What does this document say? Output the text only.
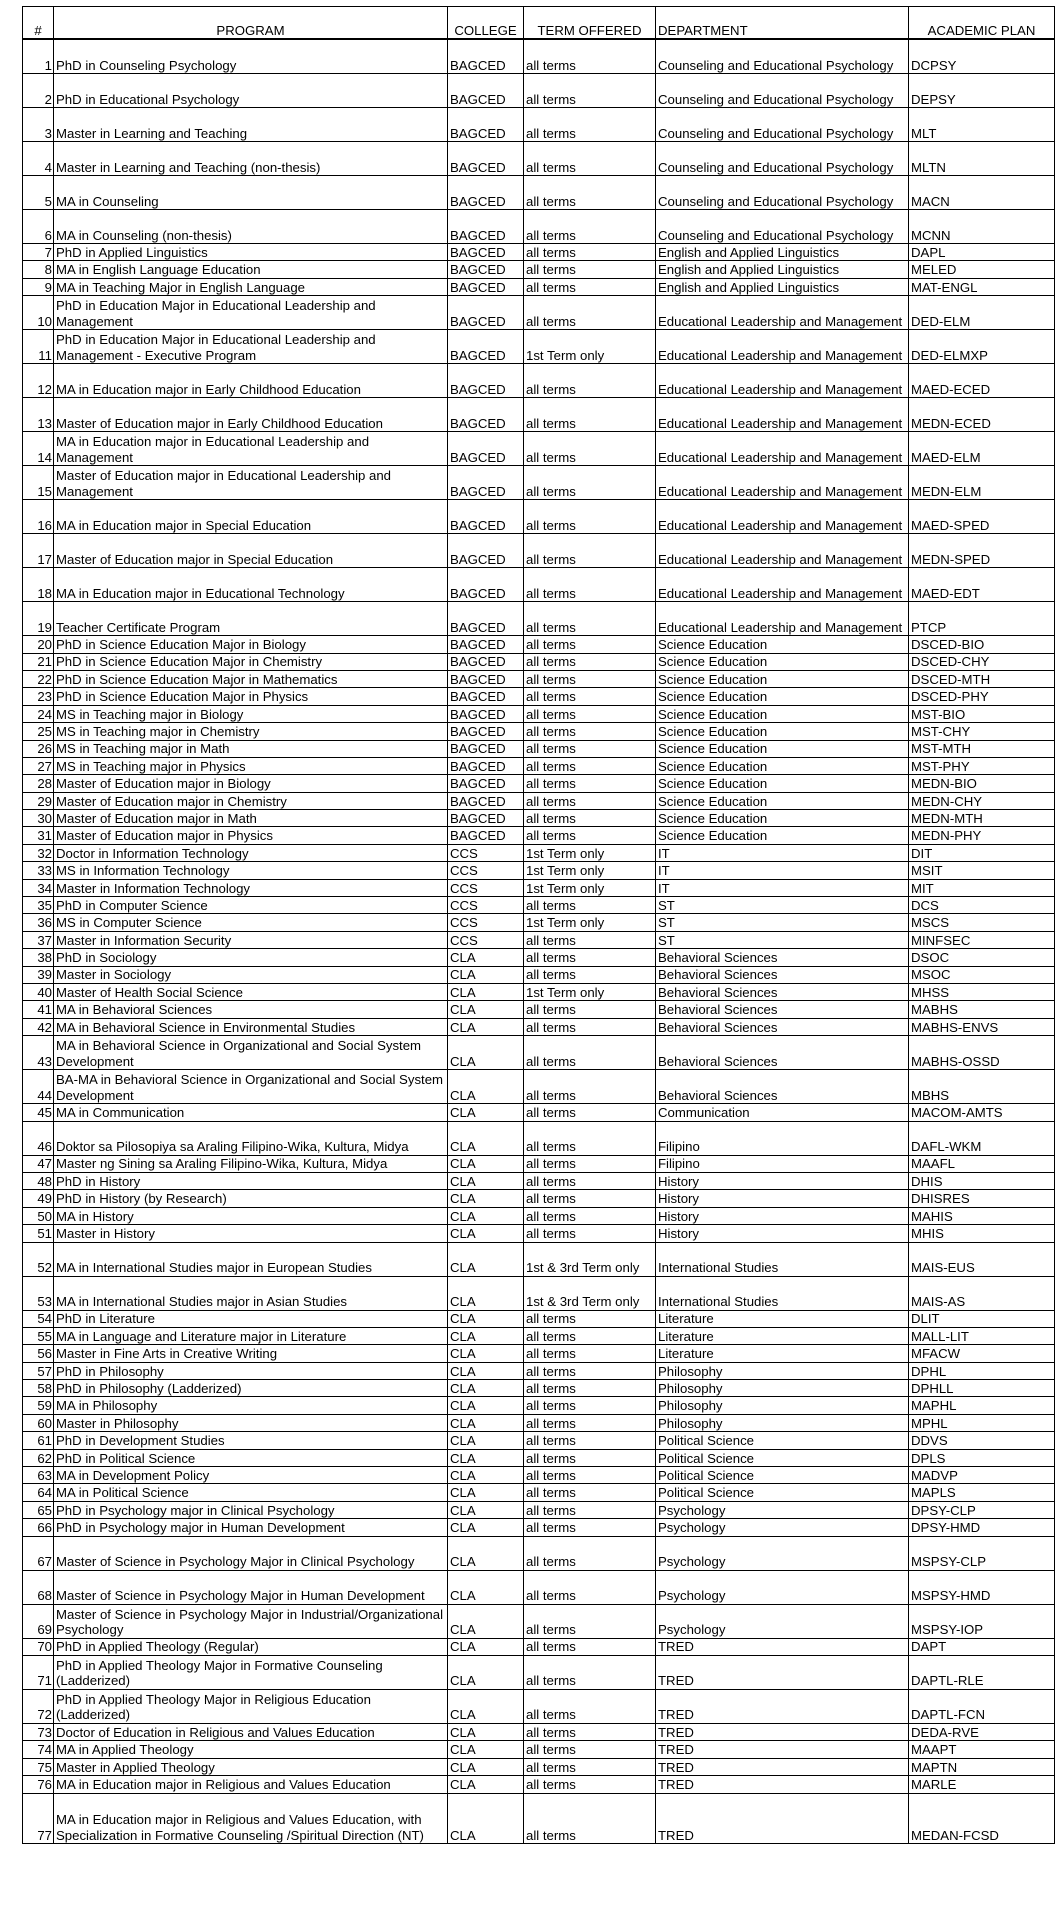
#	PROGRAM	COLLEGE	TERM OFFERED	DEPARTMENT	ACADEMIC PLAN
1	PhD in Counseling Psychology	BAGCED	all terms	Counseling and Educational Psychology	DCPSY
2	PhD in Educational Psychology	BAGCED	all terms	Counseling and Educational Psychology	DEPSY
3	Master in Learning and Teaching	BAGCED	all terms	Counseling and Educational Psychology	MLT
4	Master in Learning and Teaching (non-thesis)	BAGCED	all terms	Counseling and Educational Psychology	MLTN
5	MA in Counseling	BAGCED	all terms	Counseling and Educational Psychology	MACN
6	MA in Counseling (non-thesis)	BAGCED	all terms	Counseling and Educational Psychology	MCNN
7	PhD in Applied Linguistics	BAGCED	all terms	English and Applied Linguistics	DAPL
8	MA in English Language Education	BAGCED	all terms	English and Applied Linguistics	MELED
9	MA in Teaching Major in English Language	BAGCED	all terms	English and Applied Linguistics	MAT-ENGL
10	PhD in Education Major in Educational Leadership and Management	BAGCED	all terms	Educational Leadership and Management	DED-ELM
11	PhD in Education Major in Educational Leadership and Management - Executive Program	BAGCED	1st Term only	Educational Leadership and Management	DED-ELMXP
12	MA in Education major in Early Childhood Education	BAGCED	all terms	Educational Leadership and Management	MAED-ECED
13	Master of Education major in Early Childhood Education	BAGCED	all terms	Educational Leadership and Management	MEDN-ECED
14	MA in Education major in Educational Leadership and Management	BAGCED	all terms	Educational Leadership and Management	MAED-ELM
15	Master of Education major in Educational Leadership and Management	BAGCED	all terms	Educational Leadership and Management	MEDN-ELM
16	MA in Education major in Special Education	BAGCED	all terms	Educational Leadership and Management	MAED-SPED
17	Master of Education major in Special Education	BAGCED	all terms	Educational Leadership and Management	MEDN-SPED
18	MA in Education major in Educational Technology	BAGCED	all terms	Educational Leadership and Management	MAED-EDT
19	Teacher Certificate Program	BAGCED	all terms	Educational Leadership and Management	PTCP
20	PhD in Science Education Major in Biology	BAGCED	all terms	Science Education	DSCED-BIO
21	PhD in Science Education Major in Chemistry	BAGCED	all terms	Science Education	DSCED-CHY
22	PhD in Science Education Major in Mathematics	BAGCED	all terms	Science Education	DSCED-MTH
23	PhD in Science Education Major in Physics	BAGCED	all terms	Science Education	DSCED-PHY
24	MS in Teaching major in Biology	BAGCED	all terms	Science Education	MST-BIO
25	MS in Teaching major in Chemistry	BAGCED	all terms	Science Education	MST-CHY
26	MS in Teaching major in Math	BAGCED	all terms	Science Education	MST-MTH
27	MS in Teaching major in Physics	BAGCED	all terms	Science Education	MST-PHY
28	Master of Education major in Biology	BAGCED	all terms	Science Education	MEDN-BIO
29	Master of Education major in Chemistry	BAGCED	all terms	Science Education	MEDN-CHY
30	Master of Education major in Math	BAGCED	all terms	Science Education	MEDN-MTH
31	Master of Education major in Physics	BAGCED	all terms	Science Education	MEDN-PHY
32	Doctor in Information Technology	CCS	1st Term only	IT	DIT
33	MS in Information Technology	CCS	1st Term only	IT	MSIT
34	Master in Information Technology	CCS	1st Term only	IT	MIT
35	PhD in Computer Science	CCS	all terms	ST	DCS
36	MS in Computer Science	CCS	1st Term only	ST	MSCS
37	Master in Information Security	CCS	all terms	ST	MINFSEC
38	PhD in Sociology	CLA	all terms	Behavioral Sciences	DSOC
39	Master in Sociology	CLA	all terms	Behavioral Sciences	MSOC
40	Master of Health Social Science	CLA	1st Term only	Behavioral Sciences	MHSS
41	MA in Behavioral Sciences	CLA	all terms	Behavioral Sciences	MABHS
42	MA in Behavioral Science in Environmental Studies	CLA	all terms	Behavioral Sciences	MABHS-ENVS
43	MA in Behavioral Science in Organizational and Social System Development	CLA	all terms	Behavioral Sciences	MABHS-OSSD
44	BA-MA in Behavioral Science in Organizational and Social System Development	CLA	all terms	Behavioral Sciences	MBHS
45	MA in Communication	CLA	all terms	Communication	MACOM-AMTS
46	Doktor sa Pilosopiya sa Araling Filipino-Wika, Kultura, Midya	CLA	all terms	Filipino	DAFL-WKM
47	Master ng Sining sa Araling Filipino-Wika, Kultura, Midya	CLA	all terms	Filipino	MAAFL
48	PhD in History	CLA	all terms	History	DHIS
49	PhD in History (by Research)	CLA	all terms	History	DHISRES
50	MA in History	CLA	all terms	History	MAHIS
51	Master in History	CLA	all terms	History	MHIS
52	MA in International Studies major in European Studies	CLA	1st & 3rd Term only	International Studies	MAIS-EUS
53	MA in International Studies major in Asian Studies	CLA	1st & 3rd Term only	International Studies	MAIS-AS
54	PhD in Literature	CLA	all terms	Literature	DLIT
55	MA in Language and Literature major in Literature	CLA	all terms	Literature	MALL-LIT
56	Master in Fine Arts in Creative Writing	CLA	all terms	Literature	MFACW
57	PhD in Philosophy	CLA	all terms	Philosophy	DPHL
58	PhD in Philosophy (Ladderized)	CLA	all terms	Philosophy	DPHLL
59	MA in Philosophy	CLA	all terms	Philosophy	MAPHL
60	Master in Philosophy	CLA	all terms	Philosophy	MPHL
61	PhD in Development Studies	CLA	all terms	Political Science	DDVS
62	PhD in Political Science	CLA	all terms	Political Science	DPLS
63	MA in Development Policy	CLA	all terms	Political Science	MADVP
64	MA in Political Science	CLA	all terms	Political Science	MAPLS
65	PhD in Psychology major in Clinical Psychology	CLA	all terms	Psychology	DPSY-CLP
66	PhD in Psychology major in Human Development	CLA	all terms	Psychology	DPSY-HMD
67	Master of Science in Psychology Major in Clinical Psychology	CLA	all terms	Psychology	MSPSY-CLP
68	Master of Science in Psychology Major in Human Development	CLA	all terms	Psychology	MSPSY-HMD
69	Master of Science in Psychology Major in Industrial/Organizational Psychology	CLA	all terms	Psychology	MSPSY-IOP
70	PhD in Applied Theology (Regular)	CLA	all terms	TRED	DAPT
71	PhD in Applied Theology Major in Formative Counseling (Ladderized)	CLA	all terms	TRED	DAPTL-RLE
72	PhD in Applied Theology Major in Religious Education (Ladderized)	CLA	all terms	TRED	DAPTL-FCN
73	Doctor of Education in Religious and Values Education	CLA	all terms	TRED	DEDA-RVE
74	MA in Applied Theology	CLA	all terms	TRED	MAAPT
75	Master in Applied Theology	CLA	all terms	TRED	MAPTN
76	MA in Education major in Religious and Values Education	CLA	all terms	TRED	MARLE
77	MA in Education major in Religious and Values Education, with Specialization in Formative Counseling /Spiritual Direction (NT)	CLA	all terms	TRED	MEDAN-FCSD
